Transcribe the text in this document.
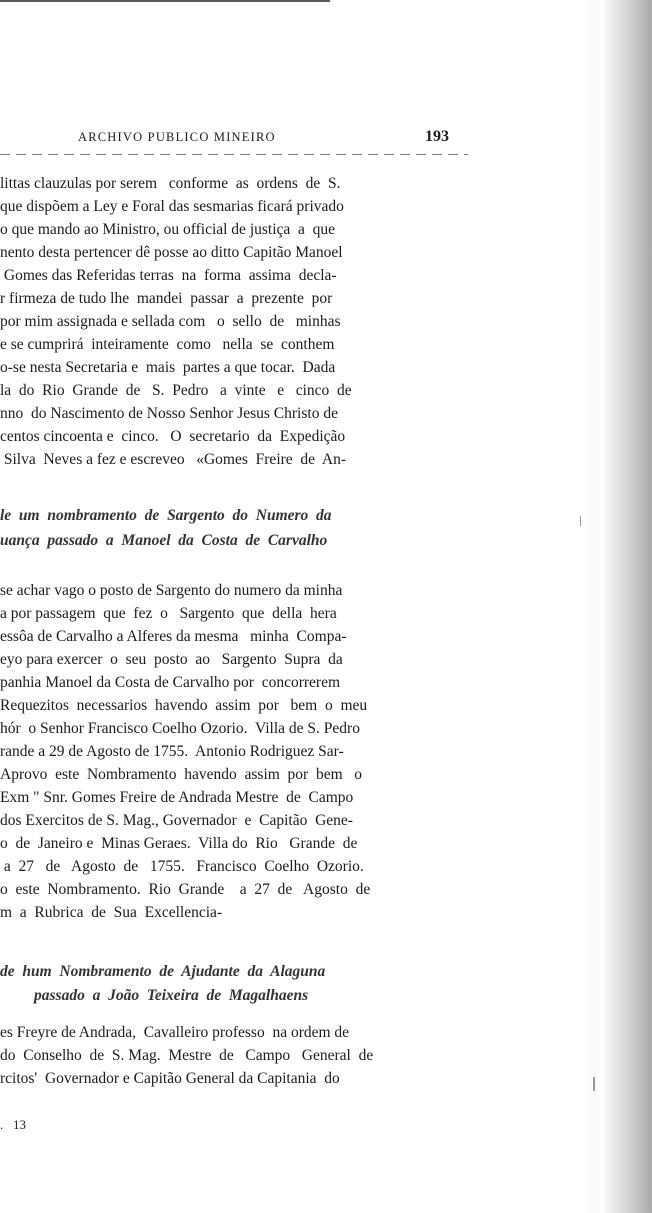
ARCHIVO PUBLICO MINEIRO	193
littas clauzulas por serem   conforme  as  ordens  de  S.
que dispõem a Ley e Foral das sesmarias ficará privado
o que mando ao Ministro, ou official de justiça  a  que
nento desta pertencer dê posse ao ditto Capitão Manoel
Gomes das Referidas terras  na  forma  assima  decla-
r firmeza de tudo lhe  mandei  passar  a  prezente  por
por mim assignada e sellada com   o  sello  de   minhas
e se cumprirá  inteiramente  como   nella  se  conthem
o-se nesta Secretaria e  mais  partes a que tocar.  Dada
la  do  Rio  Grande  de   S.  Pedro   a  vinte   e   cinco  de
nno  do Nascimento de Nosso Senhor Jesus Christo de
centos cincoenta e  cinco.   O  secretario  da  Expedição
Silva  Neves a fez e escreveo   «Gomes  Freire  de  An-
le  um  nombramento  de  Sargento  do  Numero  da
uança  passado  a  Manoel  da  Costa  de  Carvalho
se achar vago o posto de Sargento do numero da minha
a por passagem  que  fez  o   Sargento  que  della  hera
essôa de Carvalho a Alferes da mesma   minha  Compa-
eyo para exercer  o  seu  posto  ao   Sargento  Supra  da
panhia Manoel da Costa de Carvalho por  concorrerem
Requezitos  necessarios  havendo  assim  por   bem  o  meu
hór  o Senhor Francisco Coelho Ozorio.  Villa de S. Pedro
rande a 29 de Agosto de 1755.  Antonio Rodriguez Sar-
Aprovo  este  Nombramento  havendo  assim  por  bem   o
Exm " Snr. Gomes Freire de Andrada Mestre  de  Campo
dos Exercitos de S. Mag., Governador  e  Capitão  Gene-
o  de  Janeiro e  Minas Geraes.  Villa do  Rio   Grande  de
a  27   de   Agosto  de   1755.   Francisco  Coelho  Ozorio.
o  este  Nombramento.  Rio  Grande    a  27  de   Agosto  de
m  a  Rubrica  de  Sua  Excellencia-
de  hum  Nombramento  de  Ajudante  da  Alaguna
passado  a  João  Teixeira  de  Magalhaens
es Freyre de Andrada,  Cavalleiro professo  na ordem de
do  Conselho  de  S. Mag.  Mestre  de   Campo   General  de
rcitos'  Governador e Capitão General da Capitania  do
.   13
